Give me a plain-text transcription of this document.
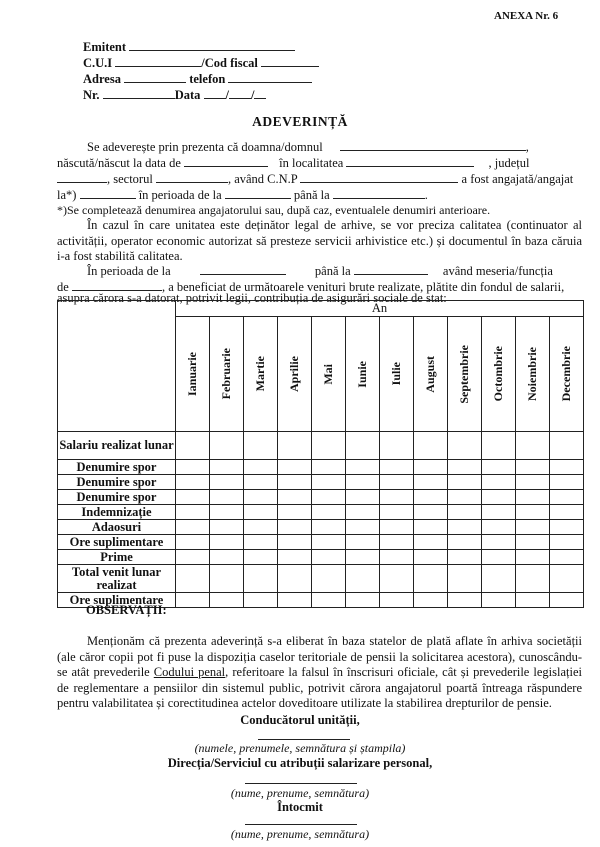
ANEXA Nr. 6
Emitent
C.U.I	/Cod fiscal
Adresa	telefon
Nr.	Data / /
ADEVERINȚĂ
Se adeverește prin prezenta că doamna/domnul	,
născută/născut la data de	în localitatea	, județul
, sectorul	, având C.N.P	a fost angajată/angajat
la*)	în perioada de la	până la	.
*)Se completează denumirea angajatorului sau, după caz, eventualele denumiri anterioare.
În cazul în care unitatea este deținător legal de arhive, se vor preciza calitatea (continuator al activității, operator economic autorizat să presteze servicii arhivistice etc.) și documentul în baza căruia i-a fost stabilită calitatea.
În perioada de la	până la	având meseria/funcția
de	, a beneficiat de următoarele venituri brute realizate, plătite din fondul de salarii,
asupra cărora s-a datorat, potrivit legii, contribuția de asigurări sociale de stat:
	An											

	Ianuarie	Februarie	Martie	Aprilie	Mai	Iunie	Iulie	August	Septembrie	Octombrie	Noiembrie	Decembrie

Salariu realizat lunar												
Denumire spor												
Denumire spor												
Denumire spor												
Indemnizație												
Adaosuri												
Ore suplimentare												
Prime												
Total venit lunar realizat												
Ore suplimentare												
OBSERVAȚII:
Menționăm că prezenta adeverință s-a eliberat în baza statelor de plată aflate în arhiva societății (ale căror copii pot fi puse la dispoziția caselor teritoriale de pensii la solicitarea acestora), cunoscându-se atât prevederile Codului penal, referitoare la falsul în înscrisuri oficiale, cât și prevederile legislației de reglementare a pensiilor din sistemul public, potrivit cărora angajatorul poartă întreaga răspundere pentru valabilitatea și corectitudinea actelor doveditoare utilizate la stabilirea drepturilor de pensie.
Conducătorul unității,
(numele, prenumele, semnătura și ștampila)
Direcția/Serviciul cu atribuții salarizare personal,
(nume, prenume, semnătura)
Întocmit
(nume, prenume, semnătura)
